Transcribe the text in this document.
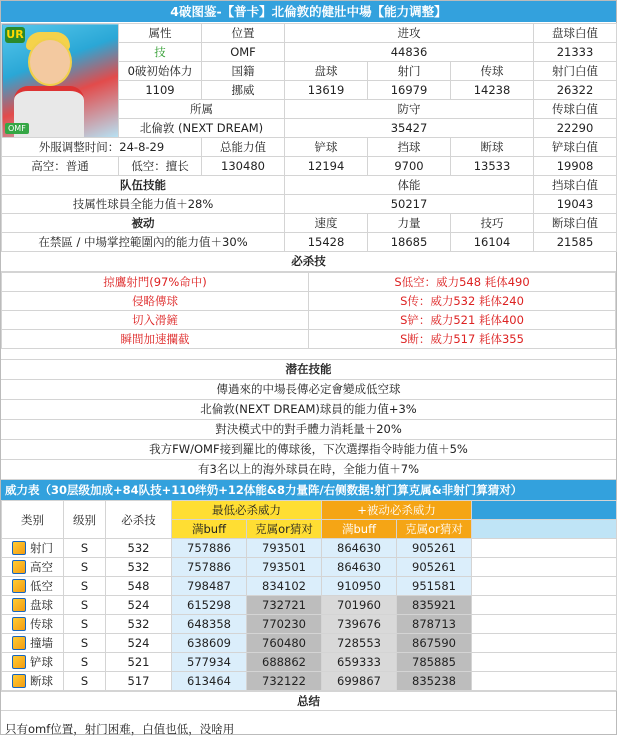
4破图鉴-【普卡】北倫敦的健壯中場【能力调整】
UR
OMF	属性	位置	进攻			盘球白值
	技	OMF	44836			21333
	0破初始体力	国籍	盘球	射门	传球	射门白值
	1109	挪威	13619	16979	14238	26322
	所属		防守			传球白值
	北倫敦 (NEXT DREAM)		35427			22290
外服调整时间：24-8-29		总能力值	铲球	挡球	断球	铲球白值
高空：普通	低空：擅长	130480	12194	9700	13533	19908
队伍技能			体能			挡球白值
技属性球員全能力值＋28%			50217			19043
被动			速度	力量	技巧	断球白值
在禁區 / 中場掌控範圍內的能力值＋30%			15428	18685	16104	21585
必杀技
掠鷹射門(97%命中)	S低空：威力548 耗体490
侵略傳球	S传：威力532 耗体240
切入滑鏟	S铲：威力521 耗体400
瞬間加速攔截	S断：威力517 耗体355
潜在技能
傳過來的中場長傳必定會變成低空球
北倫敦(NEXT DREAM)球員的能力值+3%
對決模式中的對手體力消耗量＋20%
我方FW/OMF接到羅比的傳球後，下次選擇指令時能力值＋5%
有3名以上的海外球員在時，全能力值＋7%
威力表（30层级加成+84队技+110绊奶+12体能&8力量阵/右侧数据:射门算克属&非射门算猜对）
类别	级别	必杀技	最低必杀威力		+被动必杀威力		
			满buff	克属or猜对	满buff	克属or猜对	
射门	S	532	757886	793501	864630	905261	
高空	S	532	757886	793501	864630	905261	
低空	S	548	798487	834102	910950	951581	
盘球	S	524	615298	732721	701960	835921	
传球	S	532	648358	770230	739676	878713	
撞墙	S	524	638609	760480	728553	867590	
铲球	S	521	577934	688862	659333	785885	
断球	S	517	613464	732122	699867	835238	
总结
只有omf位置，射门困难，白值也低，没啥用
